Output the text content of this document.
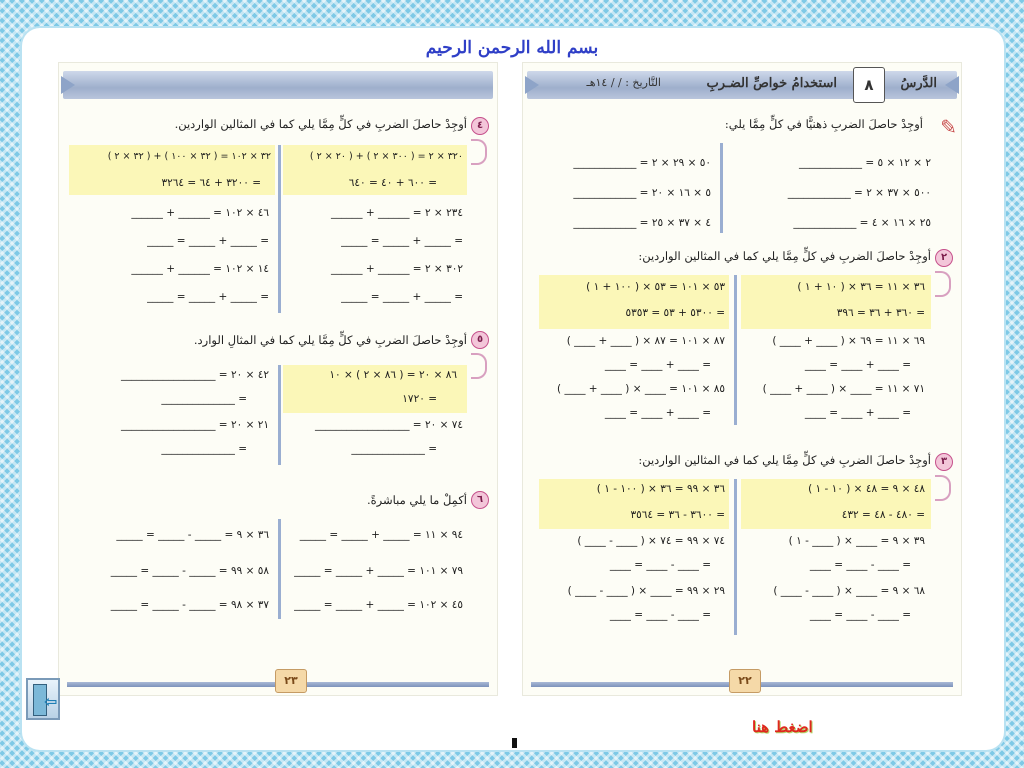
بسم الله الرحمن الرحيم
الدَّرسُ
٨
استخدامُ خواصِّ الضـربِ
التَّاريخ : / / ١٤هـ
✎
أوجِدْ حاصلَ الضربِ ذهنيًّا في كلٍّ مِمَّا يلي:
٢ × ١٢ × ٥ = ____________
٥٠٠ × ٣٧ × ٢ = ____________
٢٥ × ١٦ × ٤ = ____________
٥٠ × ٢٩ × ٢ = ____________
٥ × ١٦ × ٢٠ = ____________
٤ × ٣٧ × ٢٥ = ____________
٢
أوجِدْ حاصلَ الضربِ في كلٍّ مِمَّا يلي كما في المثالين الواردين:
٣٦ × ١١ = ٣٦ × ( ١٠ + ١ )
= ٣٦٠ + ٣٦ = ٣٩٦
٥٣ × ١٠١ = ٥٣ × ( ١٠٠ + ١ )
= ٥٣٠٠ + ٥٣ = ٥٣٥٣
٦٩ × ١١ = ٦٩ × ( ____ + ____ )
= ____ + ____ = ____
٧١ × ١١ = ____ × ( ____ + ____ )
= ____ + ____ = ____
٨٧ × ١٠١ = ٨٧ × ( ____ + ____ )
= ____ + ____ = ____
٨٥ × ١٠١ = ____ × ( ____ + ____ )
= ____ + ____ = ____
٣
أوجِدْ حاصلَ الضربِ في كلٍّ مِمَّا يلي كما في المثالين الواردين:
٤٨ × ٩ = ٤٨ × ( ١٠ - ١ )
= ٤٨٠ - ٤٨ = ٤٣٢
٣٦ × ٩٩ = ٣٦ × ( ١٠٠ - ١ )
= ٣٦٠٠ - ٣٦ = ٣٥٦٤
٣٩ × ٩ = ____ × ( ____ - ١ )
= ____ - ____ = ____
٦٨ × ٩ = ____ × ( ____ - ____ )
= ____ - ____ = ____
٧٤ × ٩٩ = ٧٤ × ( ____ - ____ )
= ____ - ____ = ____
٢٩ × ٩٩ = ____ × ( ____ - ____ )
= ____ - ____ = ____
٢٢
٤
أوجِدْ حاصلَ الضربِ في كلٍّ مِمَّا يلي كما في المثالين الواردين.
٣٢٠ × ٢ = ( ٣٠٠ × ٢ ) + ( ٢٠ × ٢ )
= ٦٠٠ + ٤٠ = ٦٤٠
٣٢ × ١٠٢ = ( ٣٢ × ١٠٠ ) + ( ٣٢ × ٢ )
= ٣٢٠٠ + ٦٤ = ٣٢٦٤
٢٣٤ × ٢ = ______ + ______
= _____ + _____ = _____
٣٠٢ × ٢ = ______ + ______
= _____ + _____ = _____
٤٦ × ١٠٢ = ______ + ______
= _____ + _____ = _____
١٤ × ١٠٢ = ______ + ______
= _____ + _____ = _____
٥
أوجِدْ حاصلَ الضربِ في كلٍّ مِمَّا يلي كما في المثالِ الوارد.
٨٦ × ٢٠ = ( ٨٦ × ٢ ) × ١٠
= ١٧٢٠
٧٤ × ٢٠ = __________________
= ______________
٤٢ × ٢٠ = __________________
= ______________
٢١ × ٢٠ = __________________
= ______________
٦
أكمِلْ ما يلي مباشرةً.
٩٤ × ١١ = _____ + _____ = _____
٧٩ × ١٠١ = _____ + _____ = _____
٤٥ × ١٠٢ = _____ + _____ = _____
٣٦ × ٩ = _____ - _____ = _____
٥٨ × ٩٩ = _____ - _____ = _____
٣٧ × ٩٨ = _____ - _____ = _____
٢٣
⇦
اضغط هنا
